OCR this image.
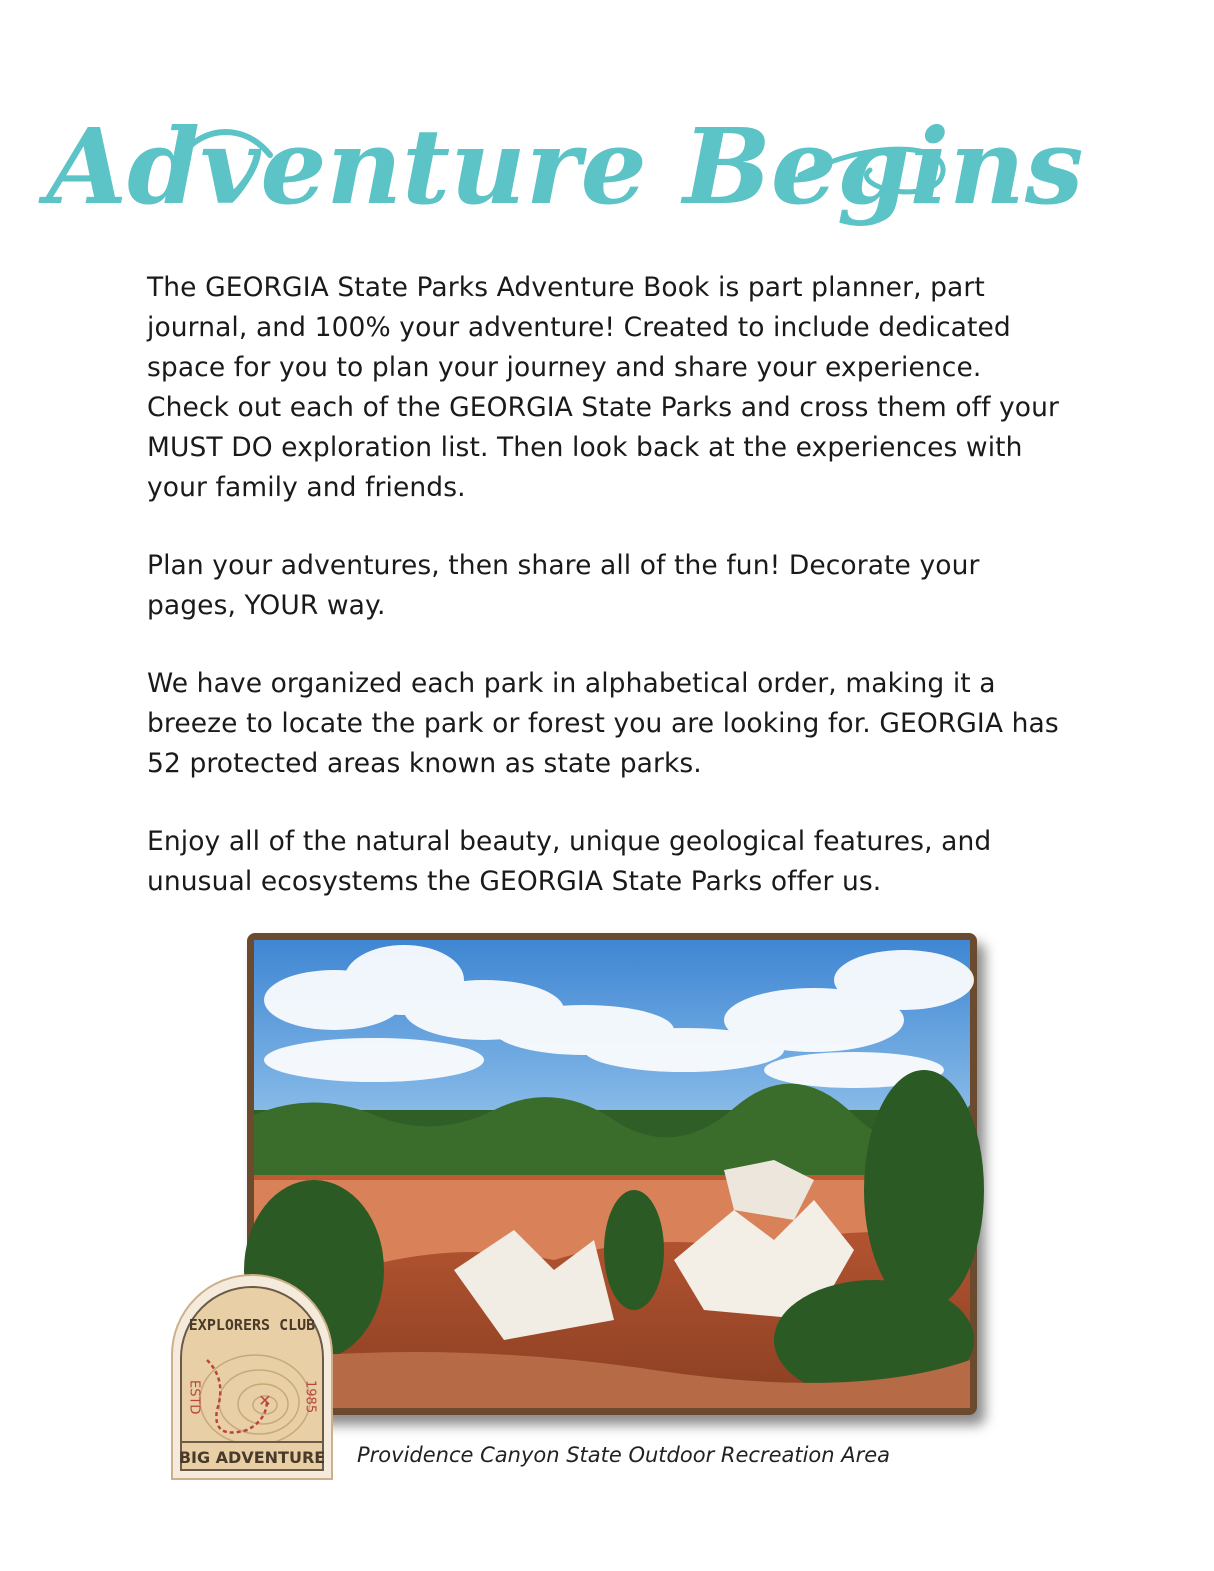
Adventure Begins

The GEORGIA State Parks Adventure Book is part planner, part journal, and 100% your adventure! Created to include dedicated space for you to plan your journey and share your experience. Check out each of the GEORGIA State Parks and cross them off your MUST DO exploration list. Then look back at the experiences with your family and friends.

Plan your adventures, then share all of the fun! Decorate your pages, YOUR way.

We have organized each park in alphabetical order, making it a breeze to locate the park or forest you are looking for. GEORGIA has 52 protected areas known as state parks.

Enjoy all of the natural beauty, unique geological features, and unusual ecosystems the GEORGIA State Parks offer us.

✕
EXPLORERS CLUB
ESTD	1985
BIG ADVENTURE Providence Canyon State Outdoor Recreation Area
